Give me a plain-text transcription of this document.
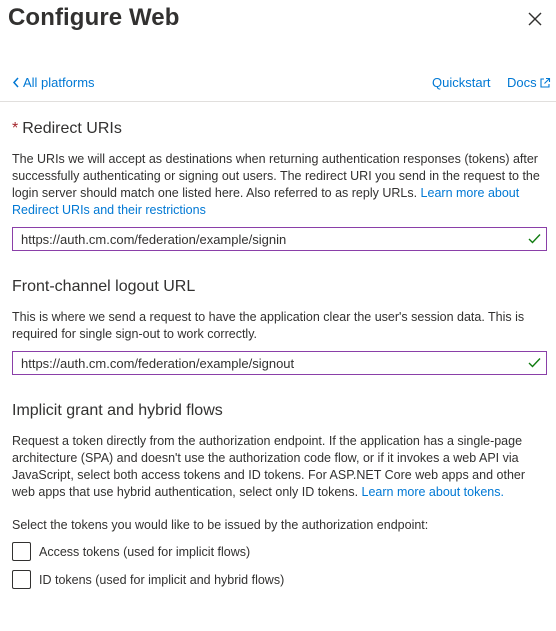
Configure Web
All platforms	Quickstart Docs
* Redirect URIs
The URIs we will accept as destinations when returning authentication responses (tokens) after successfully authenticating or signing out users. The redirect URI you send in the request to the login server should match one listed here. Also referred to as reply URLs. Learn more about Redirect URIs and their restrictions
https://auth.cm.com/federation/example/signin
Front-channel logout URL
This is where we send a request to have the application clear the user's session data. This is required for single sign-out to work correctly.
https://auth.cm.com/federation/example/signout
Implicit grant and hybrid flows
Request a token directly from the authorization endpoint. If the application has a single-page architecture (SPA) and doesn't use the authorization code flow, or if it invokes a web API via JavaScript, select both access tokens and ID tokens. For ASP.NET Core web apps and other web apps that use hybrid authentication, select only ID tokens. Learn more about tokens.
Select the tokens you would like to be issued by the authorization endpoint:
Access tokens (used for implicit flows)
ID tokens (used for implicit and hybrid flows)
